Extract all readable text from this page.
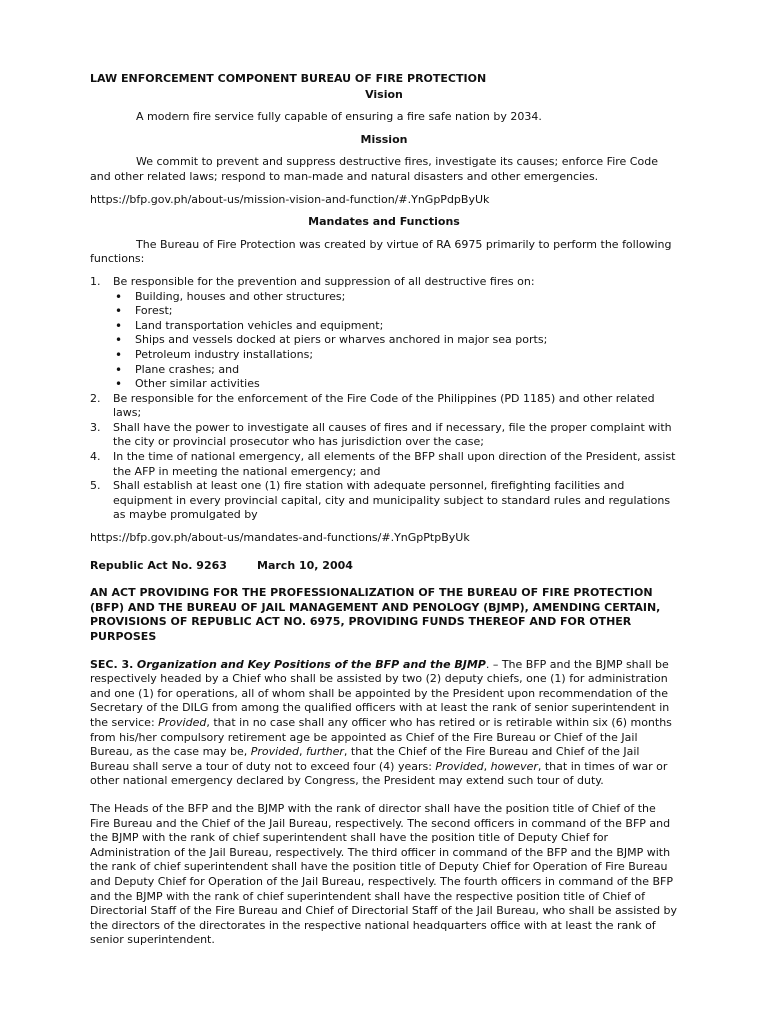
LAW ENFORCEMENT COMPONENT BUREAU OF FIRE PROTECTION

Vision

A modern fire service fully capable of ensuring a fire safe nation by 2034.

Mission

We commit to prevent and suppress destructive fires, investigate its causes; enforce Fire Code and other related laws; respond to man-made and natural disasters and other emergencies.

https://bfp.gov.ph/about-us/mission-vision-and-function/#.YnGpPdpByUk

Mandates and Functions

The Bureau of Fire Protection was created by virtue of RA 6975 primarily to perform the following functions:

1. Be responsible for the prevention and suppression of all destructive fires on:
• Building, houses and other structures;
• Forest;
• Land transportation vehicles and equipment;
• Ships and vessels docked at piers or wharves anchored in major sea ports;
• Petroleum industry installations;
• Plane crashes; and
• Other similar activities
2. Be responsible for the enforcement of the Fire Code of the Philippines (PD 1185) and other related laws;
3. Shall have the power to investigate all causes of fires and if necessary, file the proper complaint with the city or provincial prosecutor who has jurisdiction over the case;
4. In the time of national emergency, all elements of the BFP shall upon direction of the President, assist the AFP in meeting the national emergency; and
5. Shall establish at least one (1) fire station with adequate personnel, firefighting facilities and equipment in every provincial capital, city and municipality subject to standard rules and regulations as maybe promulgated by

https://bfp.gov.ph/about-us/mandates-and-functions/#.YnGpPtpByUk

Republic Act No. 9263	March 10, 2004

AN ACT PROVIDING FOR THE PROFESSIONALIZATION OF THE BUREAU OF FIRE PROTECTION (BFP) AND THE BUREAU OF JAIL MANAGEMENT AND PENOLOGY (BJMP), AMENDING CERTAIN, PROVISIONS OF REPUBLIC ACT NO. 6975, PROVIDING FUNDS THEREOF AND FOR OTHER PURPOSES

SEC. 3. Organization and Key Positions of the BFP and the BJMP. – The BFP and the BJMP shall be respectively headed by a Chief who shall be assisted by two (2) deputy chiefs, one (1) for administration and one (1) for operations, all of whom shall be appointed by the President upon recommendation of the Secretary of the DILG from among the qualified officers with at least the rank of senior superintendent in the service: Provided, that in no case shall any officer who has retired or is retirable within six (6) months from his/her compulsory retirement age be appointed as Chief of the Fire Bureau or Chief of the Jail Bureau, as the case may be, Provided, further, that the Chief of the Fire Bureau and Chief of the Jail Bureau shall serve a tour of duty not to exceed four (4) years: Provided, however, that in times of war or other national emergency declared by Congress, the President may extend such tour of duty.

The Heads of the BFP and the BJMP with the rank of director shall have the position title of Chief of the Fire Bureau and the Chief of the Jail Bureau, respectively. The second officers in command of the BFP and the BJMP with the rank of chief superintendent shall have the position title of Deputy Chief for Administration of the Jail Bureau, respectively. The third officer in command of the BFP and the BJMP with the rank of chief superintendent shall have the position title of Deputy Chief for Operation of Fire Bureau and Deputy Chief for Operation of the Jail Bureau, respectively. The fourth officers in command of the BFP and the BJMP with the rank of chief superintendent shall have the respective position title of Chief of Directorial Staff of the Fire Bureau and Chief of Directorial Staff of the Jail Bureau, who shall be assisted by the directors of the directorates in the respective national headquarters office with at least the rank of senior superintendent.
